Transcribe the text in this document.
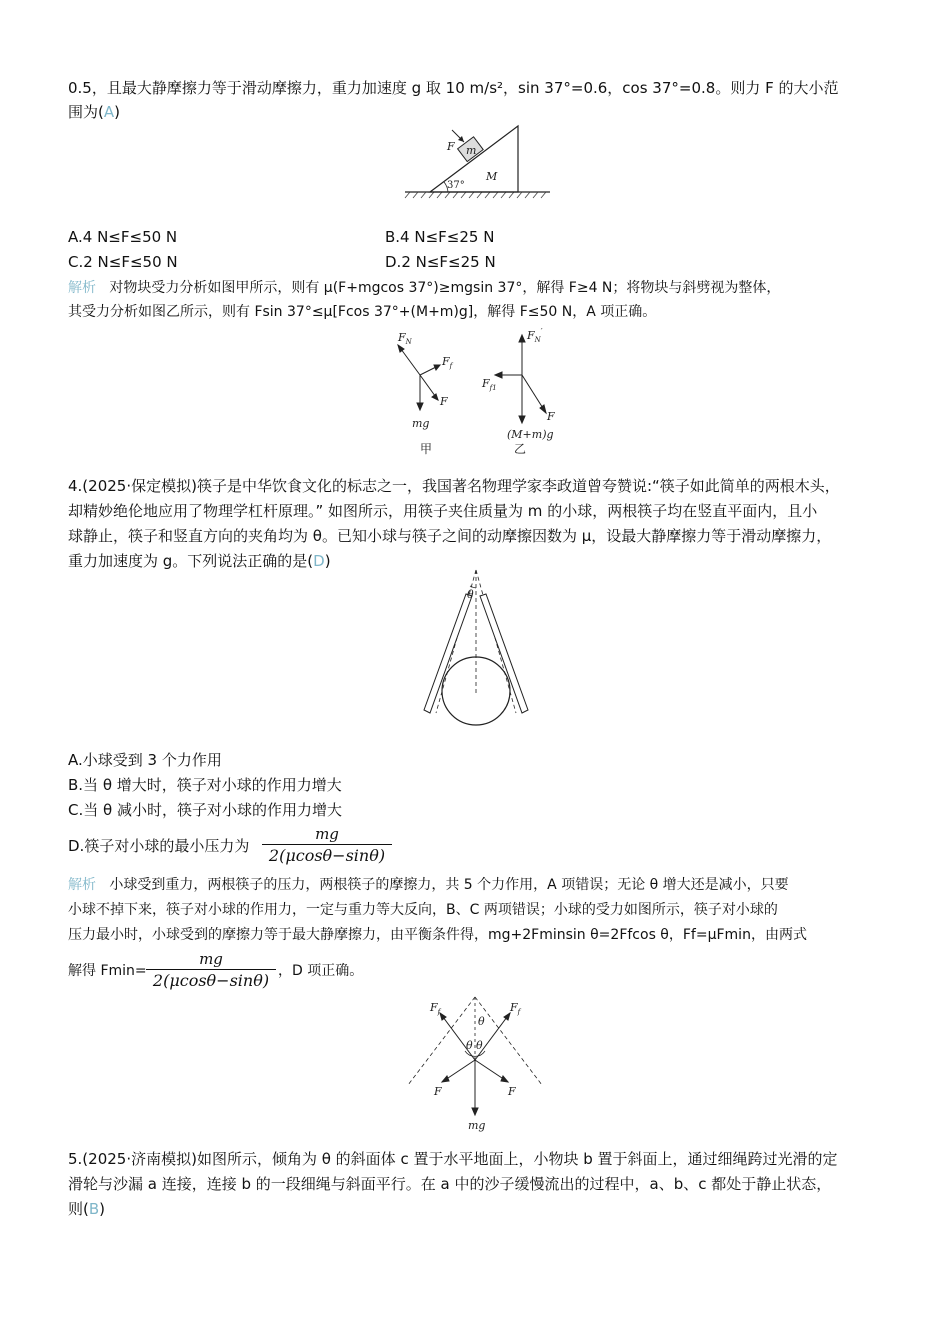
0.5，且最大静摩擦力等于滑动摩擦力，重力加速度 g 取 10 m/s²，sin 37°=0.6，cos 37°=0.8。则力 F 的大小范
围为(A)
F m
M
37°
A.4 N≤F≤50 N	B.4 N≤F≤25 N
C.2 N≤F≤50 N	D.2 N≤F≤25 N
解析 对物块受力分析如图甲所示，则有 μ(F+mgcos 37°)≥mgsin 37°，解得 F≥4 N；将物块与斜劈视为整体，
其受力分析如图乙所示，则有 Fsin 37°≤μ[Fcos 37°+(M+m)g]，解得 F≤50 N，A 项正确。
$F_N$
$F_f$
F
mg
甲
$F_N'$
$F_{f1}$
F
(M+m)g
乙
4.(2025·保定模拟)筷子是中华饮食文化的标志之一，我国著名物理学家李政道曾夸赞说:“筷子如此简单的两根木头，
却精妙绝伦地应用了物理学杠杆原理。” 如图所示，用筷子夹住质量为 m 的小球，两根筷子均在竖直平面内，且小
球静止，筷子和竖直方向的夹角均为 θ。已知小球与筷子之间的动摩擦因数为 μ，设最大静摩擦力等于滑动摩擦力，
重力加速度为 g。下列说法正确的是(D)
θ
A.小球受到 3 个力作用
B.当 θ 增大时，筷子对小球的作用力增大
C.当 θ 减小时，筷子对小球的作用力增大
D.筷子对小球的最小压力为
mg
2(μcosθ−sinθ)
解析 小球受到重力，两根筷子的压力，两根筷子的摩擦力，共 5 个力作用，A 项错误；无论 θ 增大还是减小，只要
小球不掉下来，筷子对小球的作用力，一定与重力等大反向，B、C 两项错误；小球的受力如图所示，筷子对小球的
压力最小时，小球受到的摩擦力等于最大静摩擦力，由平衡条件得，mg+2Fminsin θ=2Ffcos θ，Ff=μFmin，由两式
解得 Fmin=
mg
2(μcosθ−sinθ) ，D 项正确。
$F_f$	$F_f$
θ
θ θ
F	F
mg
5.(2025·济南模拟)如图所示，倾角为 θ 的斜面体 c 置于水平地面上，小物块 b 置于斜面上，通过细绳跨过光滑的定
滑轮与沙漏 a 连接，连接 b 的一段细绳与斜面平行。在 a 中的沙子缓慢流出的过程中，a、b、c 都处于静止状态，
则(B)
